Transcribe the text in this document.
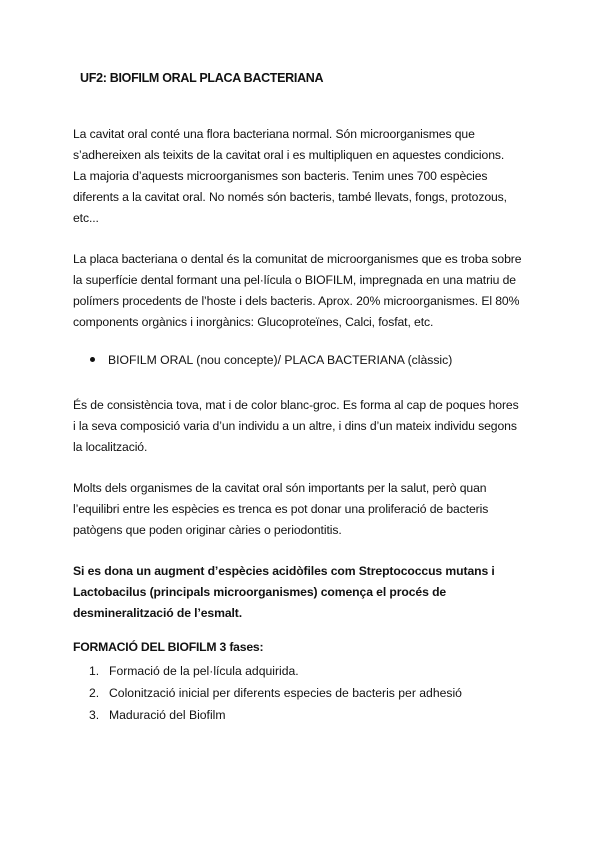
UF2: BIOFILM ORAL PLACA BACTERIANA

La cavitat oral conté una flora bacteriana normal. Són microorganismes que
s’adhereixen als teixits de la cavitat oral i es multipliquen en aquestes condicions.
La majoria d’aquests microorganismes son bacteris. Tenim unes 700 espècies
diferents a la cavitat oral. No només són bacteris, també llevats, fongs, protozous,
etc...

La placa bacteriana o dental és la comunitat de microorganismes que es troba sobre
la superfície dental formant una pel·lícula o BIOFILM, impregnada en una matriu de
polímers procedents de l’hoste i dels bacteris. Aprox. 20% microorganismes. El 80%
components orgànics i inorgànics: Glucoproteïnes, Calci, fosfat, etc.

BIOFILM ORAL (nou concepte)/ PLACA BACTERIANA (clàssic)

És de consistència tova, mat i de color blanc-groc. Es forma al cap de poques hores
i la seva composició varia d’un individu a un altre, i dins d’un mateix individu segons
la localització.

Molts dels organismes de la cavitat oral són importants per la salut, però quan
l’equilibri entre les espècies es trenca es pot donar una proliferació de bacteris
patògens que poden originar càries o periodontitis.

Si es dona un augment d’espècies acidòfiles com Streptococcus mutans i
Lactobacilus (principals microorganismes) comença el procés de
desmineralització de l’esmalt.

FORMACIÓ DEL BIOFILM 3 fases:
1. Formació de la pel·lícula adquirida.
2. Colonització inicial per diferents especies de bacteris per adhesió
3. Maduració del Biofilm
